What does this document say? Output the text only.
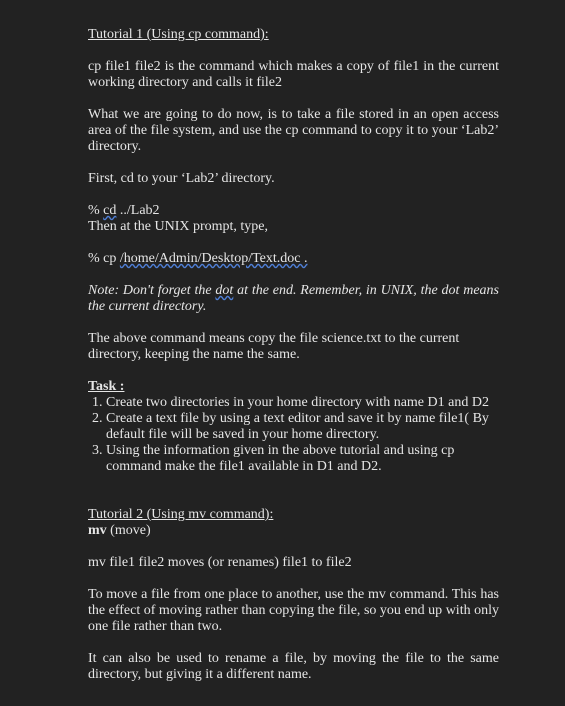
Tutorial 1 (Using cp command):

cp file1 file2 is the command which makes a copy of file1 in the current working directory and calls it file2

What we are going to do now, is to take a file stored in an open access area of the file system, and use the cp command to copy it to your ‘Lab2’ directory.

First, cd to your ‘Lab2’ directory.

% cd ../Lab2

Then at the UNIX prompt, type,

% cp /home/Admin/Desktop/Text.doc .

Note: Don't forget the dot at the end. Remember, in UNIX, the dot means the current directory.

The above command means copy the file science.txt to the current directory, keeping the name the same.

Task :

1. Create two directories in your home directory with name D1 and D2
2. Create a text file by using a text editor and save it by name file1( By default file will be saved in your home directory.
3. Using the information given in the above tutorial and using cp command make the file1 available in D1 and D2.

Tutorial 2 (Using mv command):

mv (move)

mv file1 file2 moves (or renames) file1 to file2

To move a file from one place to another, use the mv command. This has the effect of moving rather than copying the file, so you end up with only one file rather than two.

It can also be used to rename a file, by moving the file to the same directory, but giving it a different name.
